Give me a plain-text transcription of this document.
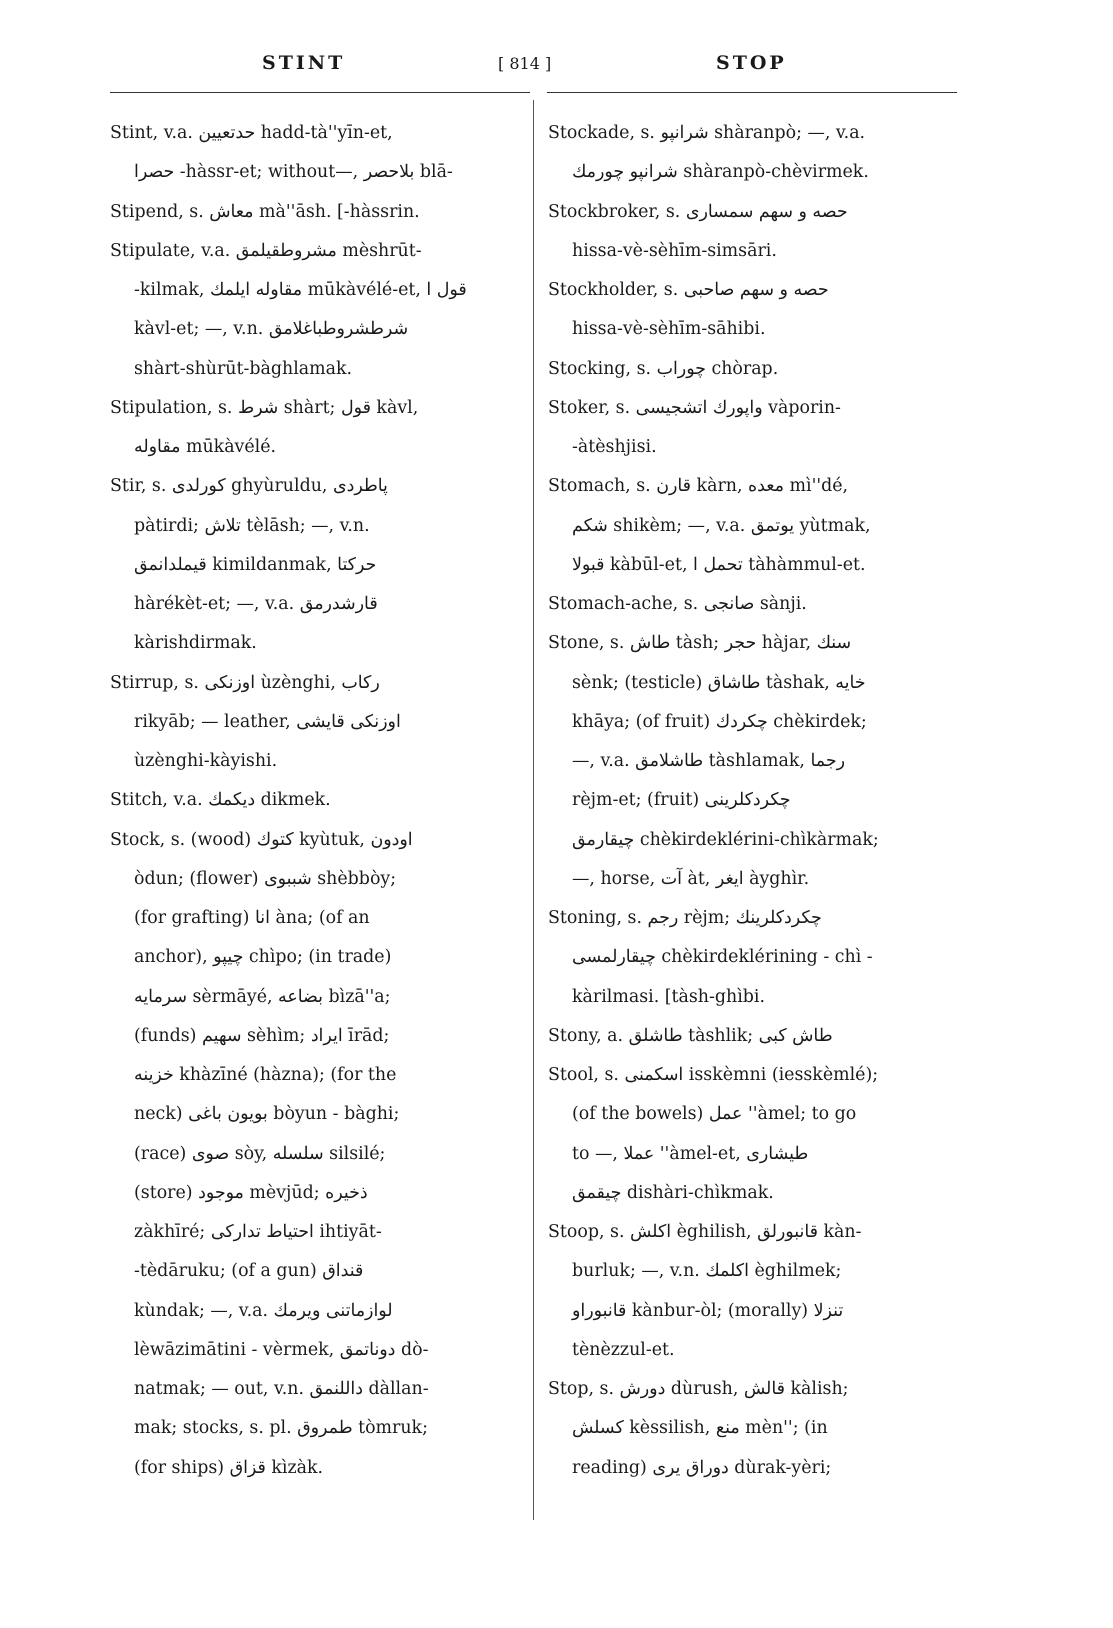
STINT	[ 814 ]	STOP
Stint, v.a. حدتعيين hadd-tà''yīn-et,
حصرا -hàssr-et; without—, بلاحصر blā-
Stipend, s. معاش mà''āsh. [-hàssrin.
Stipulate, v.a. مشروطقيلمق mèshrūt-
-kilmak, مقاوله ايلمك mūkàvélé-et, قول ا
kàvl-et; —, v.n. شرطشروطباغلامق
shàrt-shùrūt-bàghlamak.
Stipulation, s. شرط shàrt; قول kàvl,
مقاوله mūkàvélé.
Stir, s. كورلدى ghyùruldu, پاطردى
pàtirdi; تلاش tèlāsh; —, v.n.
قيملدانمق kimildanmak, حركتا
hàrékèt-et; —, v.a. قارشدرمق
kàrishdirmak.
Stirrup, s. اوزنكى ùzènghi, ركاب
rikyāb; — leather, اوزنكى قايشى
ùzènghi-kàyishi.
Stitch, v.a. ديكمك dikmek.
Stock, s. (wood) كتوك kyùtuk, اودون
òdun; (flower) شببوى shèbbòy;
(for grafting) انا àna; (of an
anchor), چيپو chìpo; (in trade)
سرمايه sèrmāyé, بضاعه bìzā''a;
(funds) سهيم sèhìm; ايراد īrād;
خزينه khàzīné (hàzna); (for the
neck) بويون باغى bòyun - bàghi;
(race) صوى sòy, سلسله silsilé;
(store) موجود mèvjūd; ذخيره
zàkhīré; احتياط تداركى ihtiyāt-
-tèdāruku; (of a gun) قنداق
kùndak; —, v.a. لوازماتنى ويرمك
lèwāzimātini - vèrmek, دوناتمق dò-
natmak; — out, v.n. داللنمق dàllan-
mak; stocks, s. pl. طمروق tòmruk;
(for ships) قزاق kìzàk.
Stockade, s. شرانپو shàranpò; —, v.a.
شرانپو چورمك shàranpò-chèvirmek.
Stockbroker, s. حصه و سهم سمسارى
hissa-vè-sèhīm-simsāri.
Stockholder, s. حصه و سهم صاحبى
hissa-vè-sèhīm-sāhibi.
Stocking, s. چوراب chòrap.
Stoker, s. واپورك اتشجيسى vàporin-
-àtèshjisi.
Stomach, s. قارن kàrn, معده mì''dé,
شكم shikèm; —, v.a. يوتمق yùtmak,
قبولا kàbūl-et, تحمل ا tàhàmmul-et.
Stomach-ache, s. صانجى sànji.
Stone, s. طاش tàsh; حجر hàjar, سنك
sènk; (testicle) طاشاق tàshak, خايه
khāya; (of fruit) چكردك chèkirdek;
—, v.a. طاشلامق tàshlamak, رجما
rèjm-et; (fruit) چكردكلرينى
چيقارمق chèkirdeklérini-chìkàrmak;
—, horse, آت àt, ايغر àyghìr.
Stoning, s. رجم rèjm; چكردكلرينك
چيقارلمسى chèkirdeklérining - chì -
kàrilmasi. [tàsh-ghìbi.
Stony, a. طاشلق tàshlik; طاش كبى
Stool, s. اسكمنى isskèmni (iesskèmlé);
(of the bowels) عمل ''àmel; to go
to —, عملا ''àmel-et, طيشارى
چيقمق dishàri-chìkmak.
Stoop, s. اكلش èghilish, قانبورلق kàn-
burluk; —, v.n. اكلمك èghilmek;
قانبوراو kànbur-òl; (morally) تنزلا
tènèzzul-et.
Stop, s. دورش dùrush, قالش kàlish;
كسلش kèssilish, منع mèn''; (in
reading) دوراق يرى dùrak-yèri;
